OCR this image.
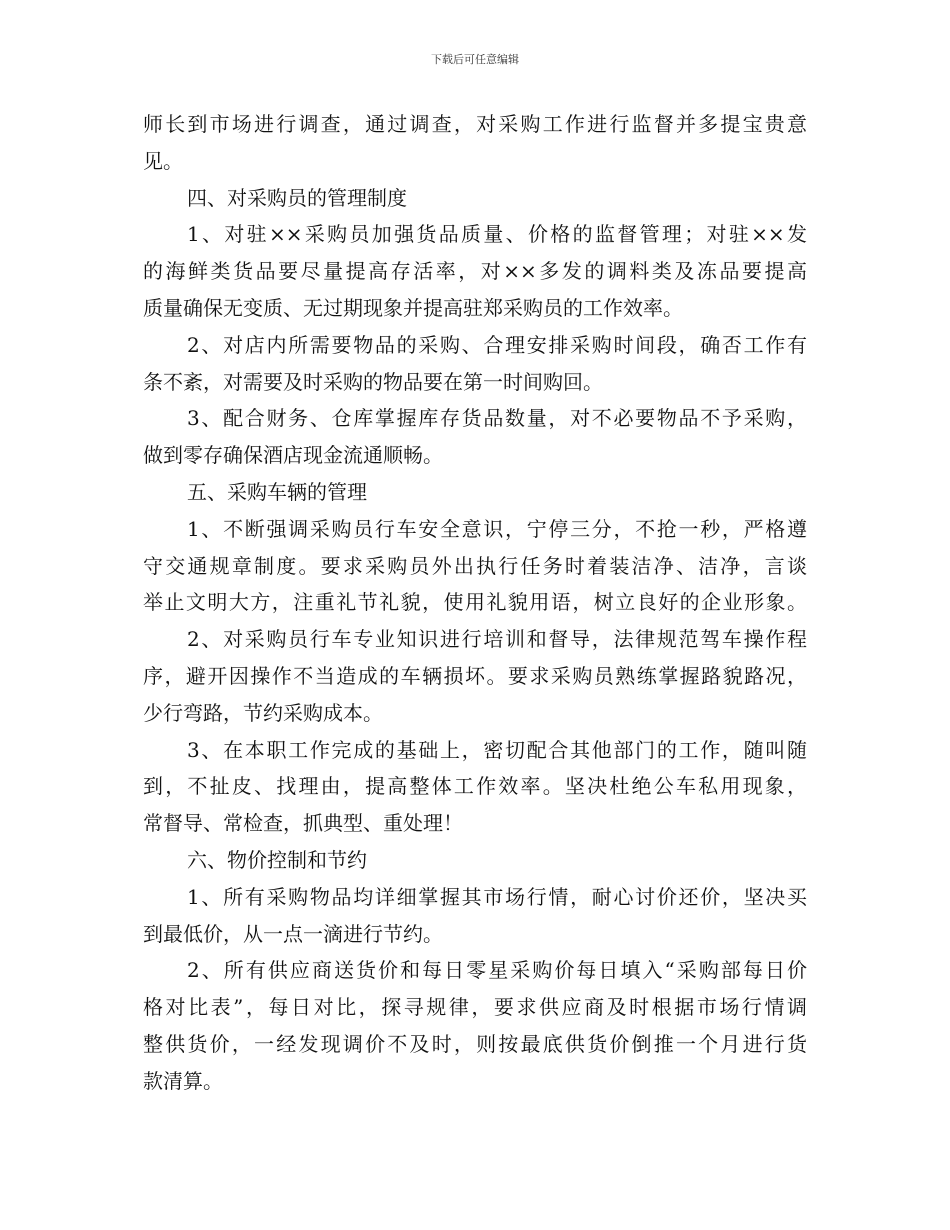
下载后可任意编辑
师长到市场进行调查，通过调查，对采购工作进行监督并多提宝贵意
见。
四、对采购员的管理制度
1、对驻××采购员加强货品质量、价格的监督管理；对驻××发
的海鲜类货品要尽量提高存活率，对××多发的调料类及冻品要提高
质量确保无变质、无过期现象并提高驻郑采购员的工作效率。
2、对店内所需要物品的采购、合理安排采购时间段，确否工作有
条不紊，对需要及时采购的物品要在第一时间购回。
3、配合财务、仓库掌握库存货品数量，对不必要物品不予采购，
做到零存确保酒店现金流通顺畅。
五、采购车辆的管理
1、不断强调采购员行车安全意识，宁停三分，不抢一秒，严格遵
守交通规章制度。要求采购员外出执行任务时着装洁净、洁净，言谈
举止文明大方，注重礼节礼貌，使用礼貌用语，树立良好的企业形象。
2、对采购员行车专业知识进行培训和督导，法律规范驾车操作程
序，避开因操作不当造成的车辆损坏。要求采购员熟练掌握路貌路况，
少行弯路，节约采购成本。
3、在本职工作完成的基础上，密切配合其他部门的工作，随叫随
到，不扯皮、找理由，提高整体工作效率。坚决杜绝公车私用现象，
常督导、常检查，抓典型、重处理！
六、物价控制和节约
1、所有采购物品均详细掌握其市场行情，耐心讨价还价，坚决买
到最低价，从一点一滴进行节约。
2、所有供应商送货价和每日零星采购价每日填入“采购部每日价
格对比表”，每日对比，探寻规律，要求供应商及时根据市场行情调
整供货价，一经发现调价不及时，则按最底供货价倒推一个月进行货
款清算。
